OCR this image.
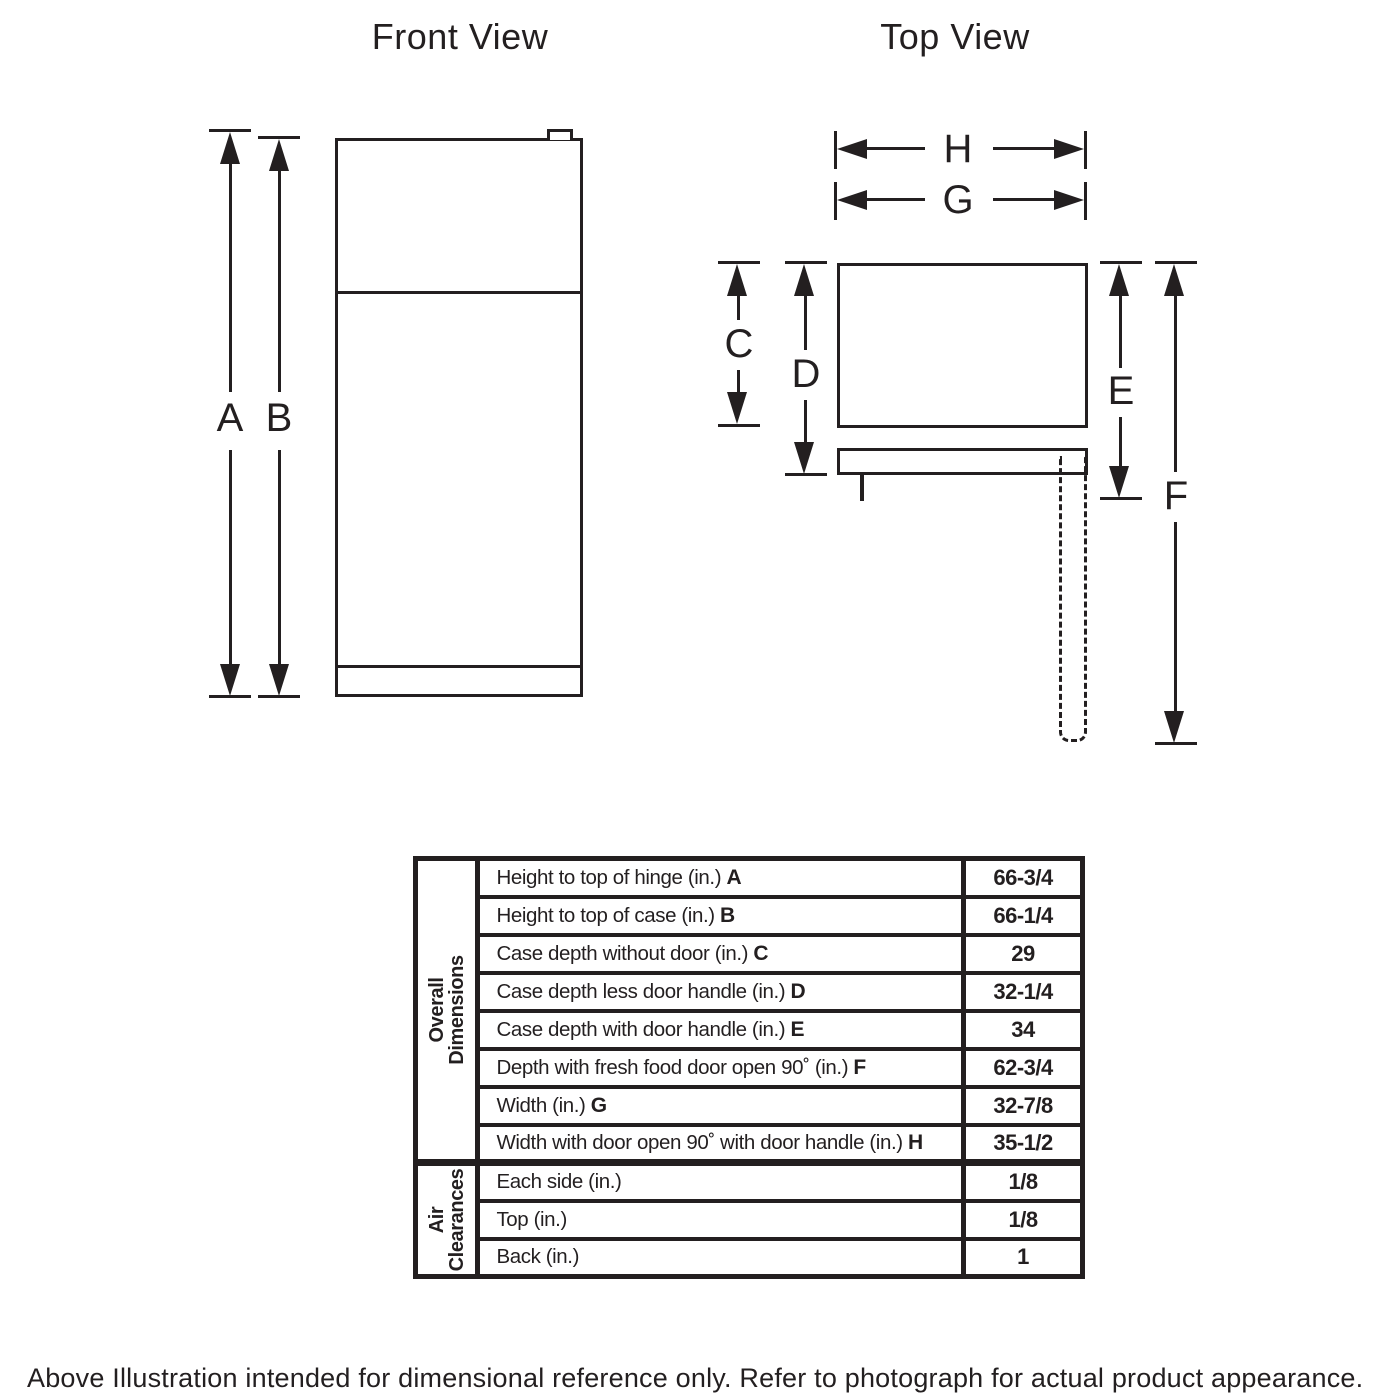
Front View
A B
Top View
H
G
C
D	E
F
Overall
Dimensions	Height to top of hinge (in.) A	66-3/4
	Height to top of case (in.) B	66-1/4
	Case depth without door (in.) C	29
	Case depth less door handle (in.) D	32-1/4
	Case depth with door handle (in.) E	34
	Depth with fresh food door open 90˚ (in.) F	62-3/4
	Width (in.) G	32-7/8
	Width with door open 90˚ with door handle (in.) H	35-1/2

Air
Clearances	Each side (in.)	1/8
	Top (in.)	1/8
	Back (in.)	1
Above Illustration intended for dimensional reference only. Refer to photograph for actual product appearance.
